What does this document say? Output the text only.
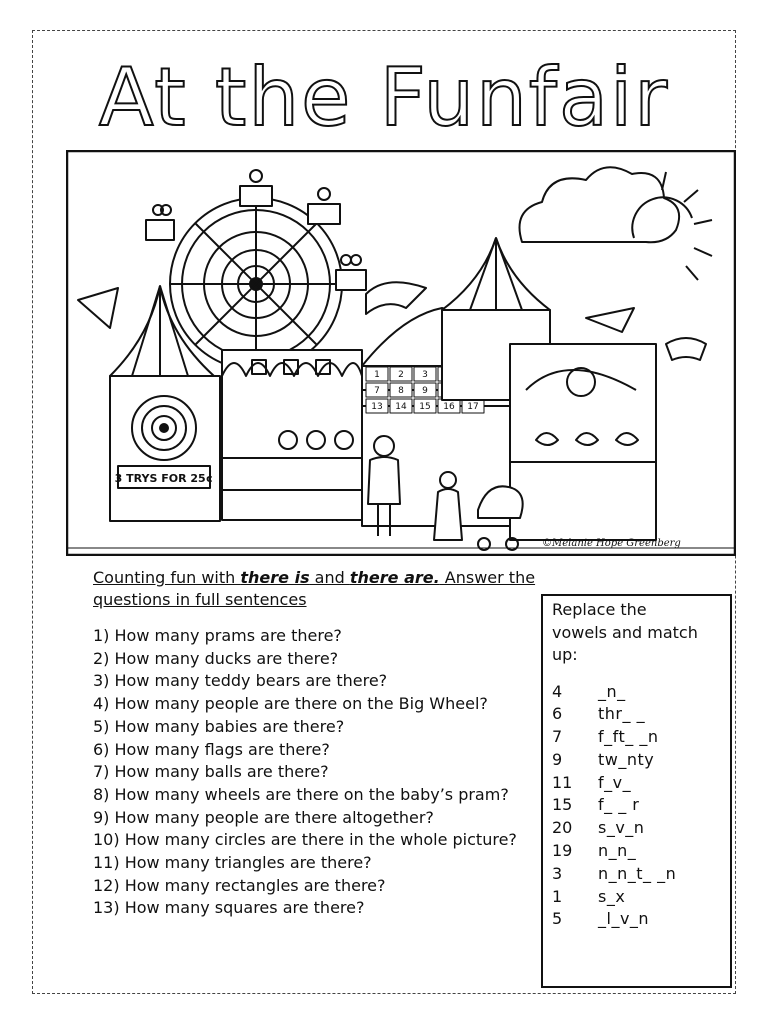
At the Funfair
3 TRYS FOR 25¢
1 2 3
7 8 9
13 14 15 16 17
©Melanie Hope Greenberg
Counting fun with there is and there are. Answer the
questions in full sentences
1) How many prams are there?
2) How many ducks are there?
3) How many teddy bears are there?
4) How many people are there on the Big Wheel?
5) How many babies are there?
6) How many flags are there?
7) How many balls are there?
8) How many wheels are there on the baby’s pram?
9) How many people are there altogether?
10) How many circles are there in the whole picture?
11) How many triangles are there?
12) How many rectangles are there?
13) How many squares are there?
Replace the
vowels and match
up:
4	_n_
6	thr_ _
7	f_ft_ _n
9	tw_nty
11	f_v_
15	f_ _ r
20	s_v_n
19	n_n_
3	n_n_t_ _n
1	s_x
5	_l_v_n
